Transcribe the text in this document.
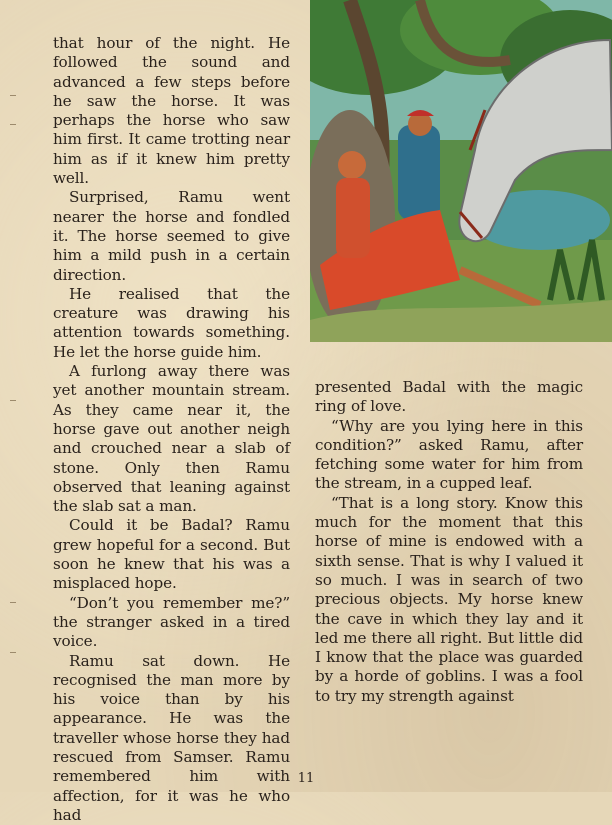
that hour of the night. He followed the sound and advanced a few steps before he saw the horse. It was perhaps the horse who saw him first. It came trotting near him as if it knew him pretty well.

Surprised, Ramu went nearer the horse and fondled it. The horse seemed to give him a mild push in a certain direction.

He realised that the creature was drawing his attention towards something. He let the horse guide him.

A furlong away there was yet another mountain stream. As they came near it, the horse gave out another neigh and crouched near a slab of stone. Only then Ramu observed that leaning against the slab sat a man.

Could it be Badal? Ramu grew hopeful for a second. But soon he knew that his was a misplaced hope.

“Don’t you remember me?” the stranger asked in a tired voice.

Ramu sat down. He recognised the man more by his voice than by his appearance. He was the traveller whose horse they had rescued from Samser. Ramu remembered him with affection, for it was he who had

presented Badal with the magic ring of love.

“Why are you lying here in this condition?” asked Ramu, after fetching some water for him from the stream, in a cupped leaf.

“That is a long story. Know this much for the moment that this horse of mine is endowed with a sixth sense. That is why I valued it so much. I was in search of two precious objects. My horse knew the cave in which they lay and it led me there all right. But little did I know that the place was guarded by a horde of goblins. I was a fool to try my strength against

11
